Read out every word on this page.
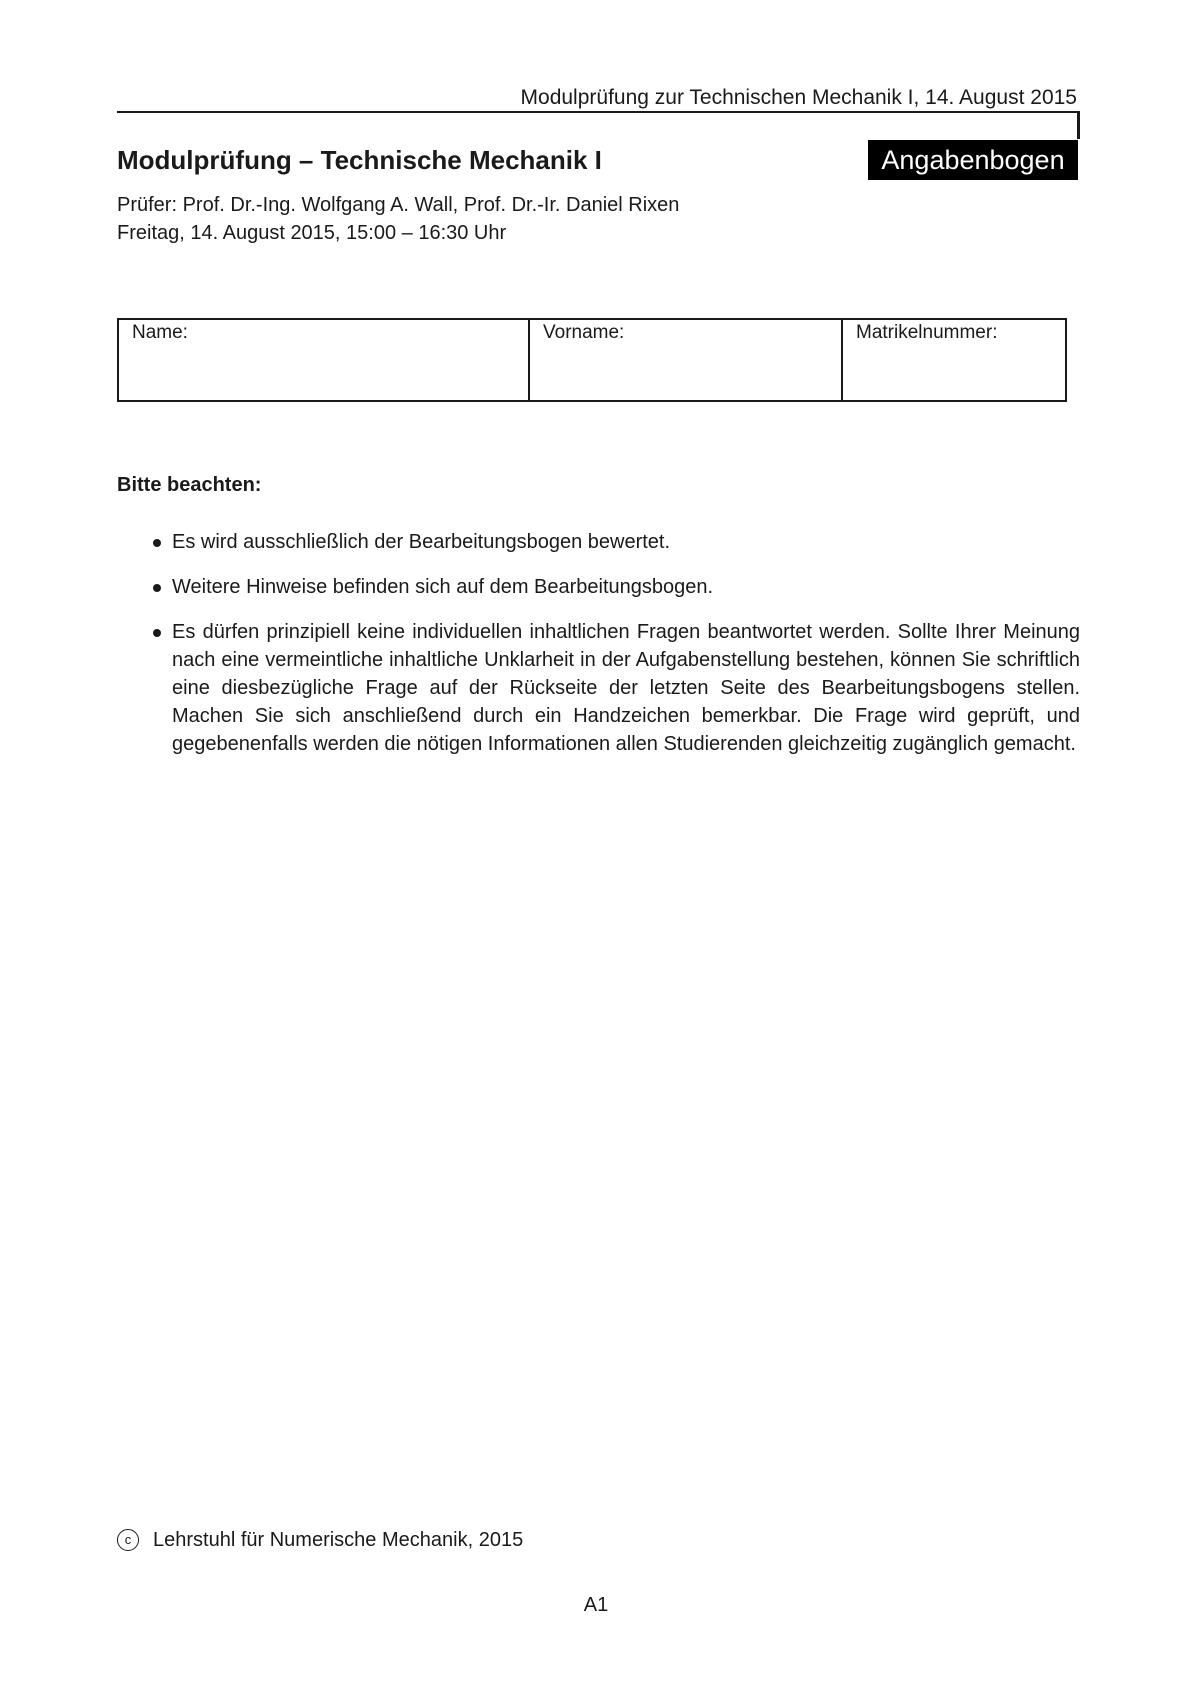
Modulprüfung zur Technischen Mechanik I, 14. August 2015
Modulprüfung – Technische Mechanik I	Angabenbogen
Prüfer: Prof. Dr.-Ing. Wolfgang A. Wall, Prof. Dr.-Ir. Daniel Rixen
Freitag, 14. August 2015, 15:00 – 16:30 Uhr
Name:	Vorname:	Matrikelnummer:
Bitte beachten:
Es wird ausschließlich der Bearbeitungsbogen bewertet.
Weitere Hinweise befinden sich auf dem Bearbeitungsbogen.
Es dürfen prinzipiell keine individuellen inhaltlichen Fragen beantwortet werden. Sollte Ihrer Meinung nach eine vermeintliche inhaltliche Unklarheit in der Aufgabenstellung bestehen, können Sie schriftlich eine diesbezügliche Frage auf der Rückseite der letzten Seite des Bearbeitungsbogens stellen. Machen Sie sich anschließend durch ein Handzeichen bemerkbar. Die Frage wird geprüft, und gegebenenfalls werden die nötigen Informationen allen Studierenden gleichzeitig zugänglich gemacht.
c	Lehrstuhl für Numerische Mechanik, 2015
A1
